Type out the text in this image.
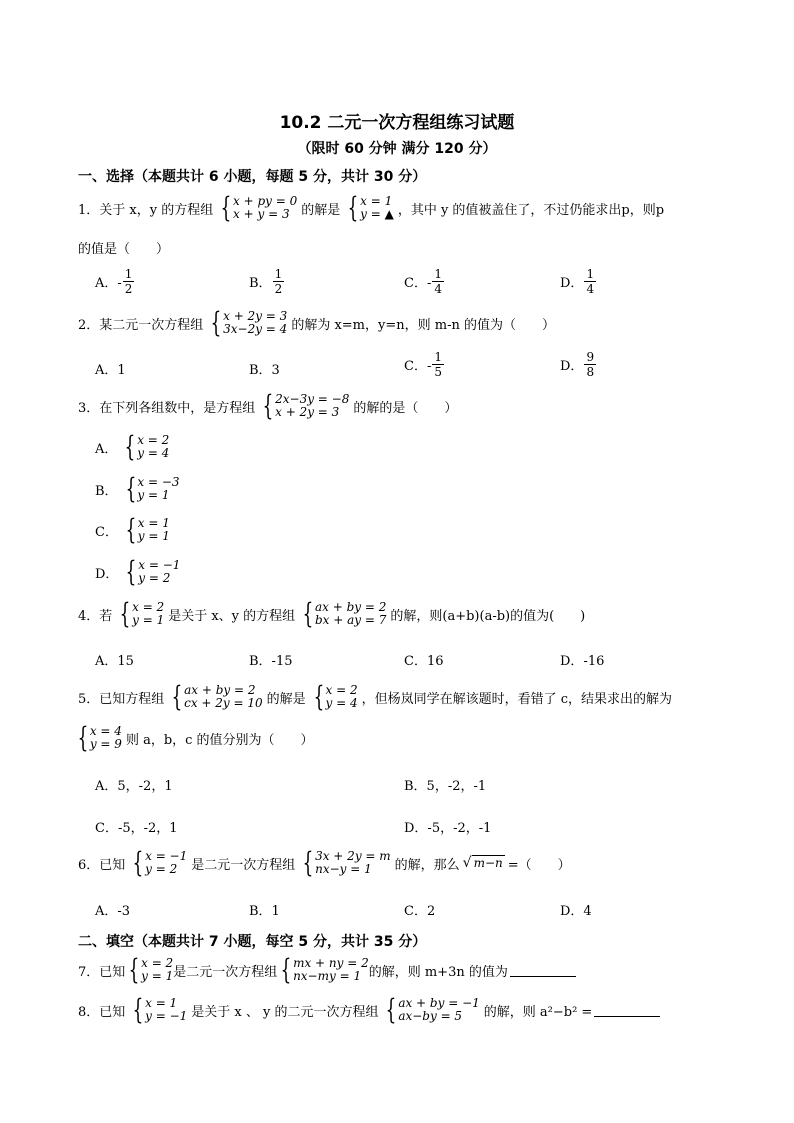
10.2 二元一次方程组练习试题
（限时 60 分钟 满分 120 分）
一、选择（本题共计 6 小题，每题 5 分，共计 30 分）
1．关于 x，y 的方程组 { x + py = 0
x + y = 3 的解是 { x = 1
y = ▲ ，其中 y 的值被盖住了，不过仍能求出p，则p
的值是（　　）
A．- $\frac{1}{2}$	B． $\frac{1}{2}$	C．- $\frac{1}{4}$	D． $\frac{1}{4}$
2．某二元一次方程组 { x + 2y = 3
3x−2y = 4 的解为 x=m，y=n，则 m-n 的值为（　　）
A．1	B．3	C．- $\frac{1}{5}$	D． $\frac{9}{8}$
3．在下列各组数中，是方程组 { 2x−3y = −8
x + 2y = 3	的解的是（　　）
A． { x = 2
y = 4
B． { x = −3
y = 1
C． { x = 1
y = 1
D． { x = −1
y = 2
4．若 { x = 2
y = 1 是关于 x、y 的方程组 { ax + by = 2
bx + ay = 7 的解，则(a+b)(a-b)的值为(　　)
A．15	B．-15	C．16	D．-16
5．已知方程组 { ax + by = 2
cx + 2y = 10 的解是 { x = 2
y = 4 ，但杨岚同学在解该题时，看错了 c，结果求出的解为
{ x = 4
y = 9 则 a，b，c 的值分别为（　　）
A．5，-2，1	B．5，-2，-1
C．-5，-2，1	D．-5，-2，-1
6．已知 { x = −1
y = 2	是二元一次方程组 { 3x + 2y = m
nx−y = 1	的解，那么 √ m−n =（　　）
A．-3	B．1	C．2	D．4
二、填空（本题共计 7 小题，每空 5 分，共计 35 分）
7．已知 { x = 2
y = 1 是二元一次方程组 { mx + ny = 2
nx−my = 1 的解，则 m+3n 的值为
8．已知 { x = 1
y = −1 是关于 x 、 y 的二元一次方程组 { ax + by = −1
ax−by = 5	的解，则 a²−b² =
